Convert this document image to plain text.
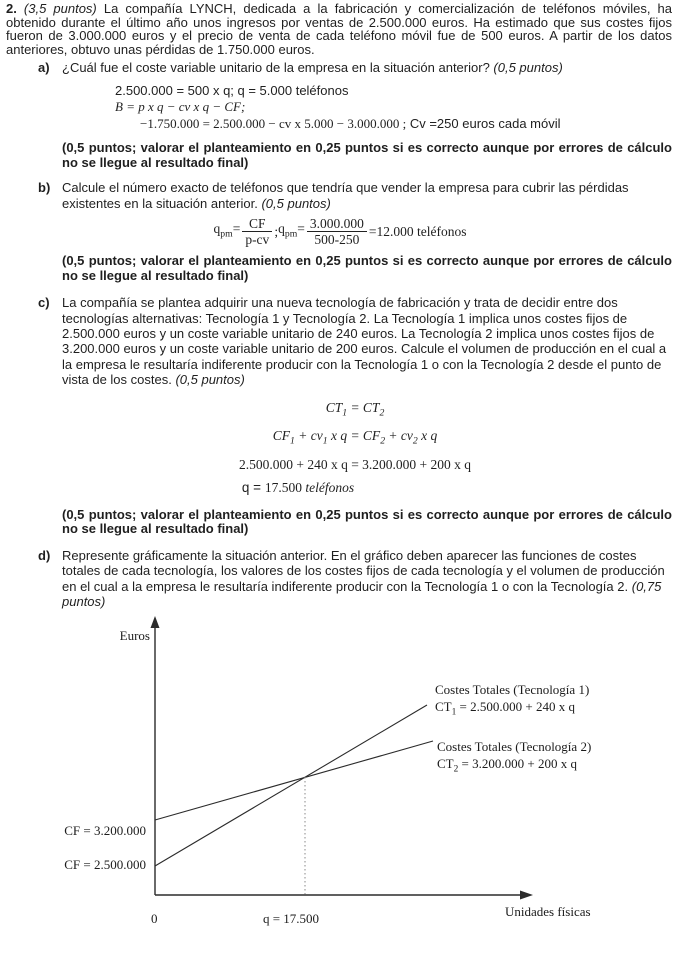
2. (3,5 puntos) La compañía LYNCH, dedicada a la fabricación y comercialización de teléfonos móviles, ha obtenido durante el último año unos ingresos por ventas de 2.500.000 euros. Ha estimado que sus costes fijos fueron de 3.000.000 euros y el precio de venta de cada teléfono móvil fue de 500 euros. A partir de los datos anteriores, obtuvo unas pérdidas de 1.750.000 euros.

a) ¿Cuál fue el coste variable unitario de la empresa en la situación anterior? (0,5 puntos)
2.500.000 = 500 x q; q = 5.000 teléfonos
B = p x q − cv x q − CF;
−1.750.000 = 2.500.000 − cv x 5.000 − 3.000.000 ; Cv =250 euros cada móvil

(0,5 puntos; valorar el planteamiento en 0,25 puntos si es correcto aunque por errores de cálculo no se llegue al resultado final)

b) Calcule el número exacto de teléfonos que tendría que vender la empresa para cubrir las pérdidas existentes en la situación anterior. (0,5 puntos)
$q_{pm}= \frac{CF}{p-cv}$ ; $q_{pm}= \frac{3.000.000}{500-250} =12.000$ teléfonos

(0,5 puntos; valorar el planteamiento en 0,25 puntos si es correcto aunque por errores de cálculo no se llegue al resultado final)

c) La compañía se plantea adquirir una nueva tecnología de fabricación y trata de decidir entre dos tecnologías alternativas: Tecnología 1 y Tecnología 2. La Tecnología 1 implica unos costes fijos de 2.500.000 euros y un coste variable unitario de 240 euros. La Tecnología 2 implica unos costes fijos de 3.200.000 euros y un coste variable unitario de 200 euros. Calcule el volumen de producción en el cual a la empresa le resultaría indiferente producir con la Tecnología 1 o con la Tecnología 2 desde el punto de vista de los costes. (0,5 puntos)
$CT_1 = CT_2$
$CF_1 + cv_1$ x $q = CF_2 + cv_2$ x q
2.500.000 + 240 x q = 3.200.000 + 200 x q
q = 17.500 teléfonos

(0,5 puntos; valorar el planteamiento en 0,25 puntos si es correcto aunque por errores de cálculo no se llegue al resultado final)

d) Represente gráficamente la situación anterior. En el gráfico deben aparecer las funciones de costes totales de cada tecnología, los valores de los costes fijos de cada tecnología y el volumen de producción en el cual a la empresa le resultaría indiferente producir con la Tecnología 1 o con la Tecnología 2. (0,75 puntos)
Euros
Costes Totales (Tecnología 1)
$CT_1 = 2.500.000 + 240$ x q
Costes Totales (Tecnología 2)
$CT_2 = 3.200.000 + 200$ x q
CF = 3.200.000
CF = 2.500.000
0	q = 17.500	Unidades físicas
